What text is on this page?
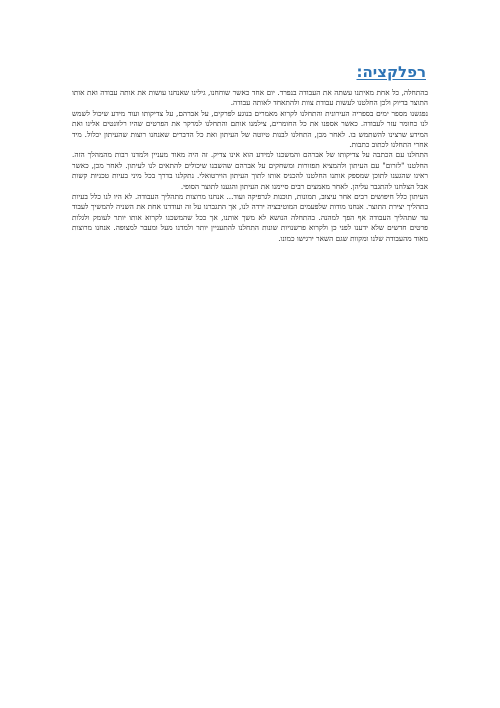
רפלקציה:

בהתחלה, כל אחת מאיתנו עשתה את העבודה בנפרד. יום אחד כאשר שוחחנו, גילינו שאנחנו עושות את אותה עבודה ואת אותו התוצר בדיוק ולכן החלטנו לעשות עבודת צוות ולהתאחד לאותה עבודה.

נפגשנו מספר ימים בספריה העירונית והתחלנו לקרוא מאמרים בנוגע לפרקים, על אברהם, על צדיקותו ועוד מידע שיכול לשמש לנו כחומר עזר לעבודה. כאשר אספנו את כל החומרים, צילמנו אותם והתחלנו למרקר את הפרטים שהיו רלוונטים אלינו ואת המידע שרצינו להשתמש בו. לאחר מכן, התחלנו לבנות טיוטה של העיתון ואת כל הדברים שאנחנו רוצות שהעיתון יכלול. מיד אחרי התחלנו לכתוב כתבות.

התחלנו עם הכתבה על צדיקותו של אברהם והמשכנו למידע הוא אינו צדיק. זה היה מאוד מעניין ולמדנו רבות מהמהלך הזה. החלטנו "לזרום" עם העיתון ולהמציא תפזורות ומשחקים על אברהם שהשבנו שיכולים להתאים לנו לעיתון. לאחר מכן, כאשר ראינו שהגענו לתוכן שמספק אותנו החלטנו להכניס אותו לתוך העיתון הוירטואלי. נתקלנו בדרך בכל מיני בעיות טכניות קשות אבל הצלחנו להתגבר עליהן. לאחר מאמצים רבים סיימנו את העיתון והגענו לתוצר הסופי.

העיתון כלל חיפושים רבים אחר עיצוב, תמונות, תוכנות לגרפיקה ועוד... אנחנו מרוצות מתהליך העבודה. לא היו לנו כלל בעיות בתהליך יצירת התוצר. אנחנו מודות שלפעמים המוטיבציה ירדה לנו, אך התגברנו על זה ועודדנו אחת את השניה להמשיך לעבוד עד שתהליך העבודה אף הפך למהנה. בהתחלה הנושא לא משך אותנו, אך ככל שהמשכנו לקרוא אותו יותר לעומק ולגלות פרטים חדשים שלא ידענו לפני כן ולקרוא פרשנויות שונות התחלנו להתעניין יותר ולמדנו מעל ומעבר למצופה. אנחנו מרוצות מאוד מהעבודה שלנו ומקוות שגם השאר ירגישו כמונו.
